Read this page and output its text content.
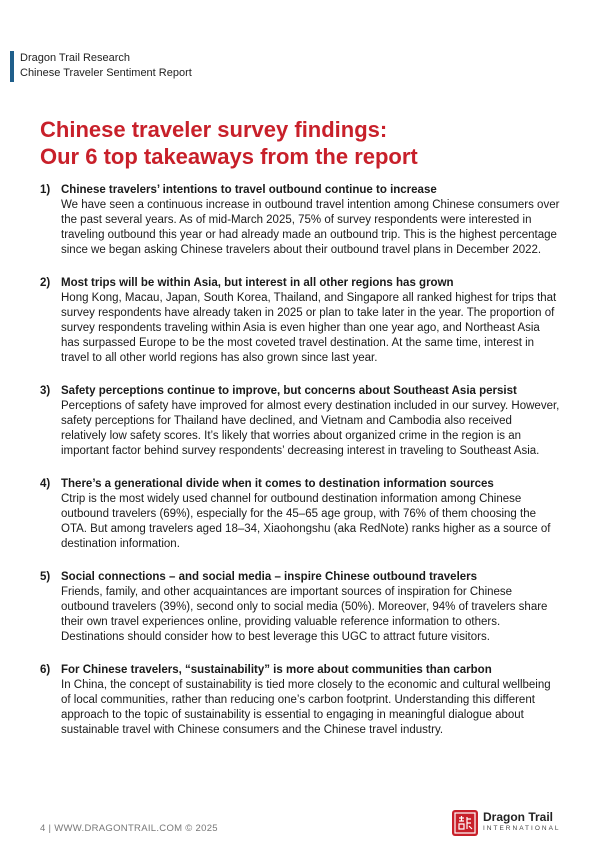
Dragon Trail Research
Chinese Traveler Sentiment Report
Chinese traveler survey findings:
Our 6 top takeaways from the report
1) Chinese travelers’ intentions to travel outbound continue to increase
We have seen a continuous increase in outbound travel intention among Chinese consumers over the past several years. As of mid-March 2025, 75% of survey respondents were interested in traveling outbound this year or had already made an outbound trip. This is the highest percentage since we began asking Chinese travelers about their outbound travel plans in December 2022.
2) Most trips will be within Asia, but interest in all other regions has grown
Hong Kong, Macau, Japan, South Korea, Thailand, and Singapore all ranked highest for trips that survey respondents have already taken in 2025 or plan to take later in the year. The proportion of survey respondents traveling within Asia is even higher than one year ago, and Northeast Asia has surpassed Europe to be the most coveted travel destination. At the same time, interest in travel to all other world regions has also grown since last year.
3) Safety perceptions continue to improve, but concerns about Southeast Asia persist
Perceptions of safety have improved for almost every destination included in our survey. However, safety perceptions for Thailand have declined, and Vietnam and Cambodia also received relatively low safety scores. It’s likely that worries about organized crime in the region is an important factor behind survey respondents’ decreasing interest in traveling to Southeast Asia.
4) There’s a generational divide when it comes to destination information sources
Ctrip is the most widely used channel for outbound destination information among Chinese outbound travelers (69%), especially for the 45–65 age group, with 76% of them choosing the OTA. But among travelers aged 18–34, Xiaohongshu (aka RedNote) ranks higher as a source of destination information.
5) Social connections – and social media – inspire Chinese outbound travelers
Friends, family, and other acquaintances are important sources of inspiration for Chinese outbound travelers (39%), second only to social media (50%). Moreover, 94% of travelers share their own travel experiences online, providing valuable reference information to others. Destinations should consider how to best leverage this UGC to attract future visitors.
6) For Chinese travelers, “sustainability” is more about communities than carbon
In China, the concept of sustainability is tied more closely to the economic and cultural wellbeing of local communities, rather than reducing one’s carbon footprint. Understanding this different approach to the topic of sustainability is essential to engaging in meaningful dialogue about sustainable travel with Chinese consumers and the Chinese travel industry.
4 | WWW.DRAGONTRAIL.COM © 2025
Dragon Trail
INTERNATIONAL
